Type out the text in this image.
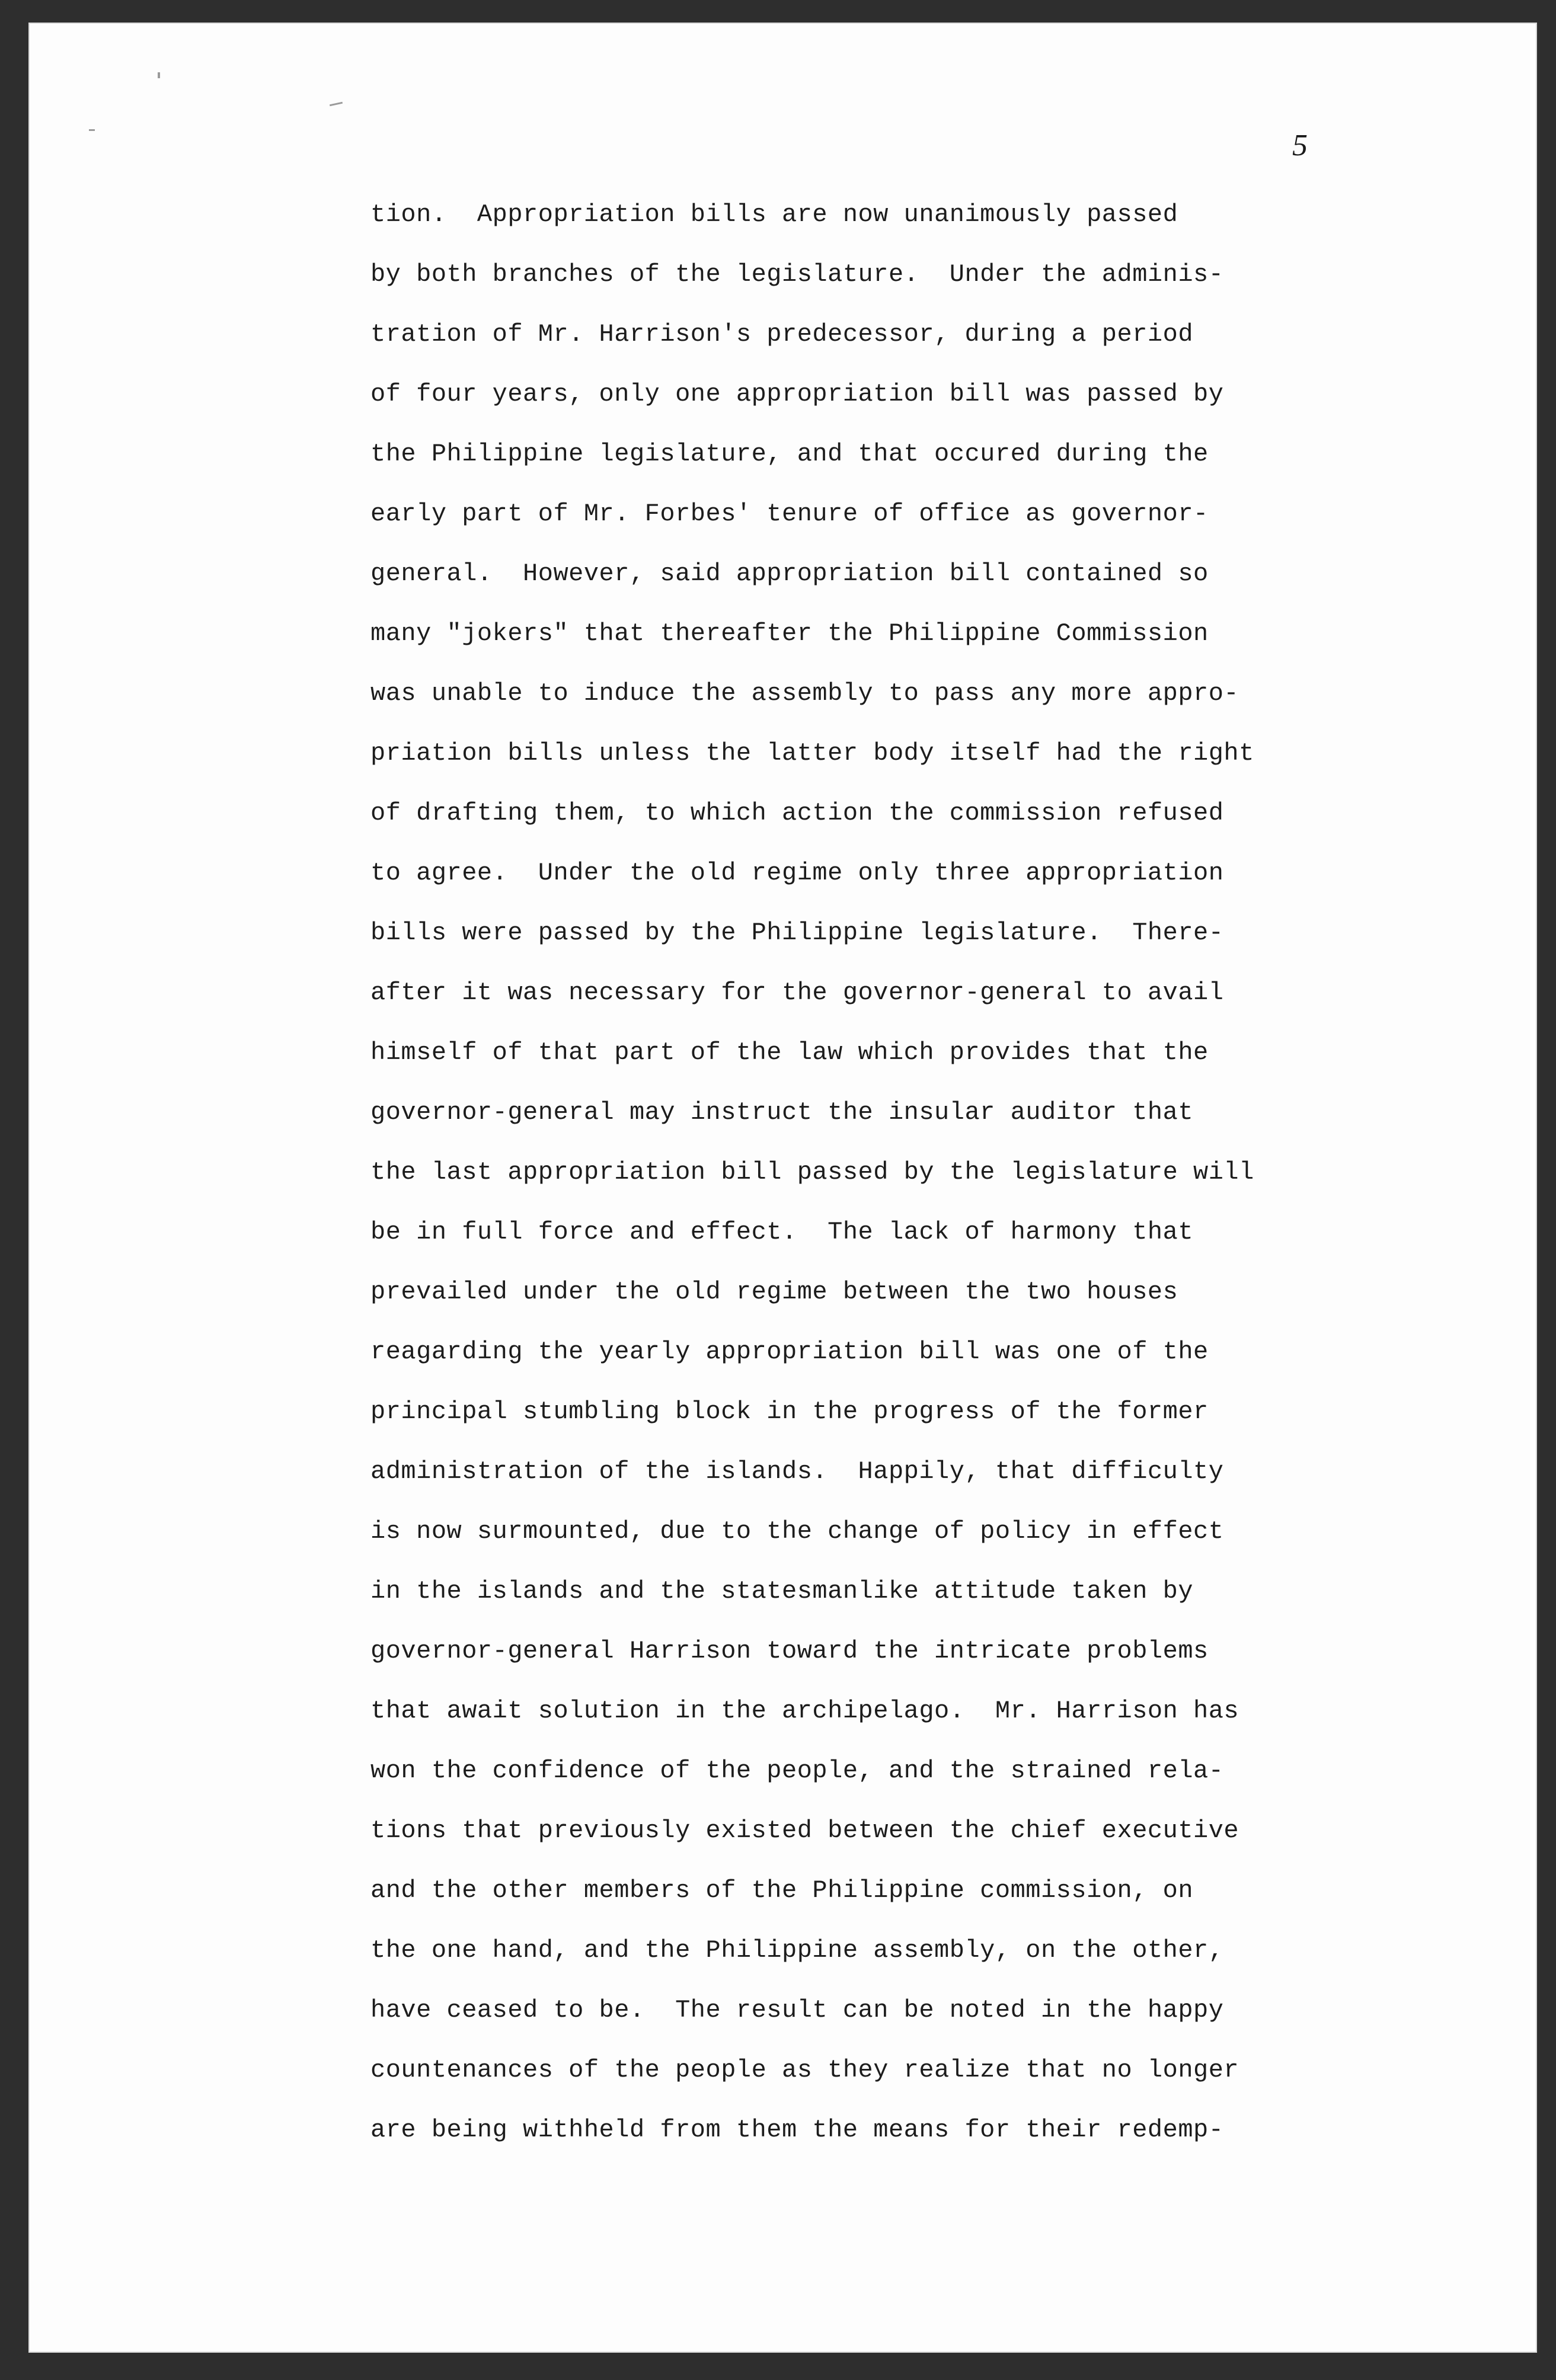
5

tion.  Appropriation bills are now unanimously passed
by both branches of the legislature.  Under the adminis-
tration of Mr. Harrison's predecessor, during a period
of four years, only one appropriation bill was passed by
the Philippine legislature, and that occured during the
early part of Mr. Forbes' tenure of office as governor-
general.  However, said appropriation bill contained so
many "jokers" that thereafter the Philippine Commission
was unable to induce the assembly to pass any more appro-
priation bills unless the latter body itself had the right
of drafting them, to which action the commission refused
to agree.  Under the old regime only three appropriation
bills were passed by the Philippine legislature.  There-
after it was necessary for the governor-general to avail
himself of that part of the law which provides that the
governor-general may instruct the insular auditor that
the last appropriation bill passed by the legislature will
be in full force and effect.  The lack of harmony that
prevailed under the old regime between the two houses
reagarding the yearly appropriation bill was one of the
principal stumbling block in the progress of the former
administration of the islands.  Happily, that difficulty
is now surmounted, due to the change of policy in effect
in the islands and the statesmanlike attitude taken by
governor-general Harrison toward the intricate problems
that await solution in the archipelago.  Mr. Harrison has
won the confidence of the people, and the strained rela-
tions that previously existed between the chief executive
and the other members of the Philippine commission, on
the one hand, and the Philippine assembly, on the other,
have ceased to be.  The result can be noted in the happy
countenances of the people as they realize that no longer
are being withheld from them the means for their redemp-
